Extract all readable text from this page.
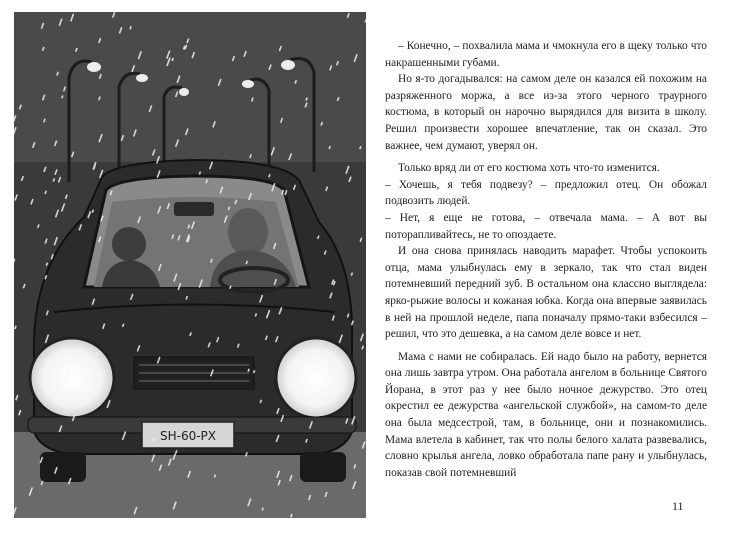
SH-60-PX

– Конечно, – похвалила мама и чмокнула его в щеку только что накрашенными губами.

Но я-то догадывался: на самом деле он казался ей похожим на разряженного моржа, а все из-за этого черного траурного костюма, в который он нарочно вырядился для визита в школу. Решил произвести хорошее впечатление, так он сказал. Это важнее, чем думают, уверял он.

Только вряд ли от его костюма хоть что-то изменится.

– Хочешь, я тебя подвезу? – предложил отец. Он обожал подвозить людей.

– Нет, я еще не готова, – отвечала мама. – А вот вы поторапливайтесь, не то опоздаете.

И она снова принялась наводить марафет. Чтобы успокоить отца, мама улыбнулась ему в зеркало, так что стал виден потемневший передний зуб. В остальном она классно выглядела: ярко-рыжие волосы и кожаная юбка. Когда она впервые заявилась в ней на прошлой неделе, папа поначалу прямо-таки взбесился – решил, что это дешевка, а на самом деле вовсе и нет.

Мама с нами не собиралась. Ей надо было на работу, вернется она лишь завтра утром. Она работала ангелом в больнице Святого Йорана, в этот раз у нее было ночное дежурство. Это отец окрестил ее дежурства «ангельской службой», на самом-то деле она была медсестрой, там, в больнице, они и познакомились. Мама влетела в кабинет, так что полы белого халата развевались, словно крылья ангела, ловко обработала папе рану и улыбнулась, показав свой потемневший

11
